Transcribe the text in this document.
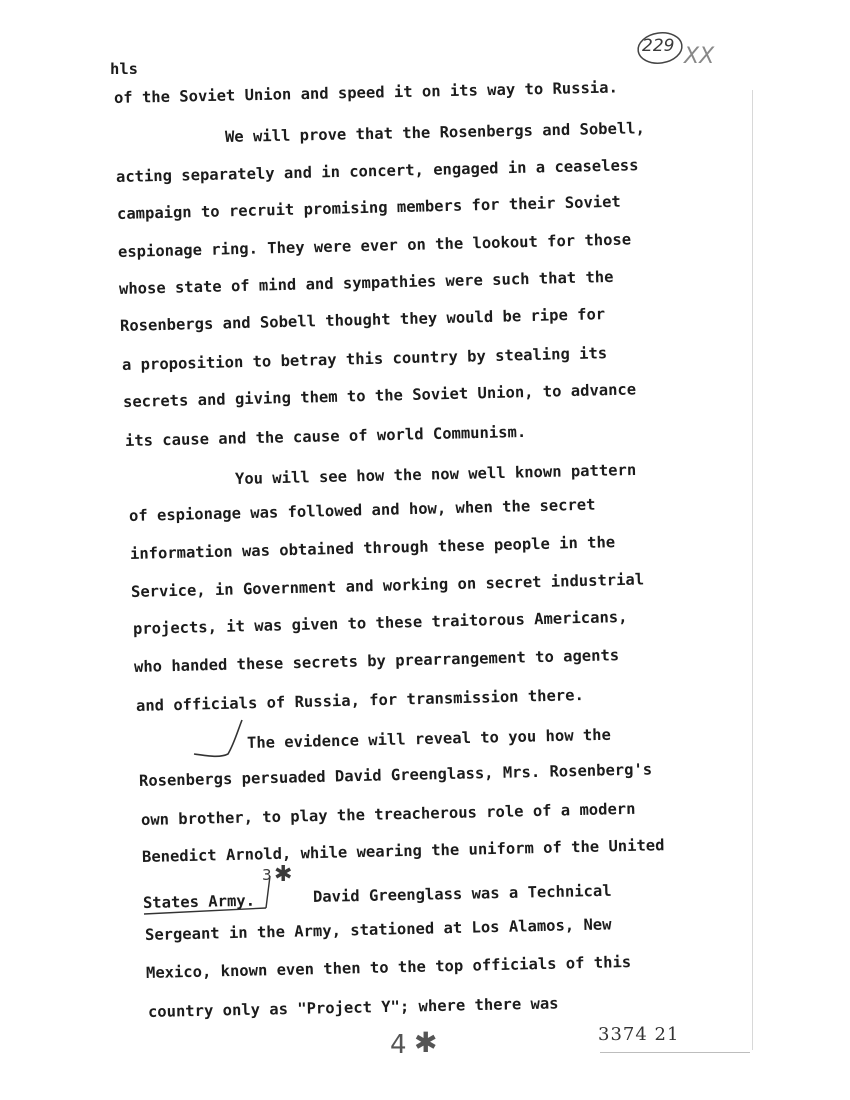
hls
229 XX
of the Soviet Union and speed it on its way to Russia.
We will prove that the Rosenbergs and Sobell,
acting separately and in concert, engaged in a ceaseless
campaign to recruit promising members for their Soviet
espionage ring. They were ever on the lookout for those
whose state of mind and sympathies were such that the
Rosenbergs and Sobell thought they would be ripe for
a proposition to betray this country by stealing its
secrets and giving them to the Soviet Union, to advance
its cause and the cause of world Communism.
You will see how the now well known pattern
of espionage was followed and how, when the secret
information was obtained through these people in the
Service, in Government and working on secret industrial
projects, it was given to these traitorous Americans,
who handed these secrets by prearrangement to agents
and officials of Russia, for transmission there.
The evidence will reveal to you how the
Rosenbergs persuaded David Greenglass, Mrs. Rosenberg's
own brother, to play the treacherous role of a modern
Benedict Arnold, while wearing the uniform of the United
States Army.	David Greenglass was a Technical
Sergeant in the Army, stationed at Los Alamos, New
Mexico, known even then to the top officials of this
country only as "Project Y"; where there was
3 ✱
4 ✱	3374 21
